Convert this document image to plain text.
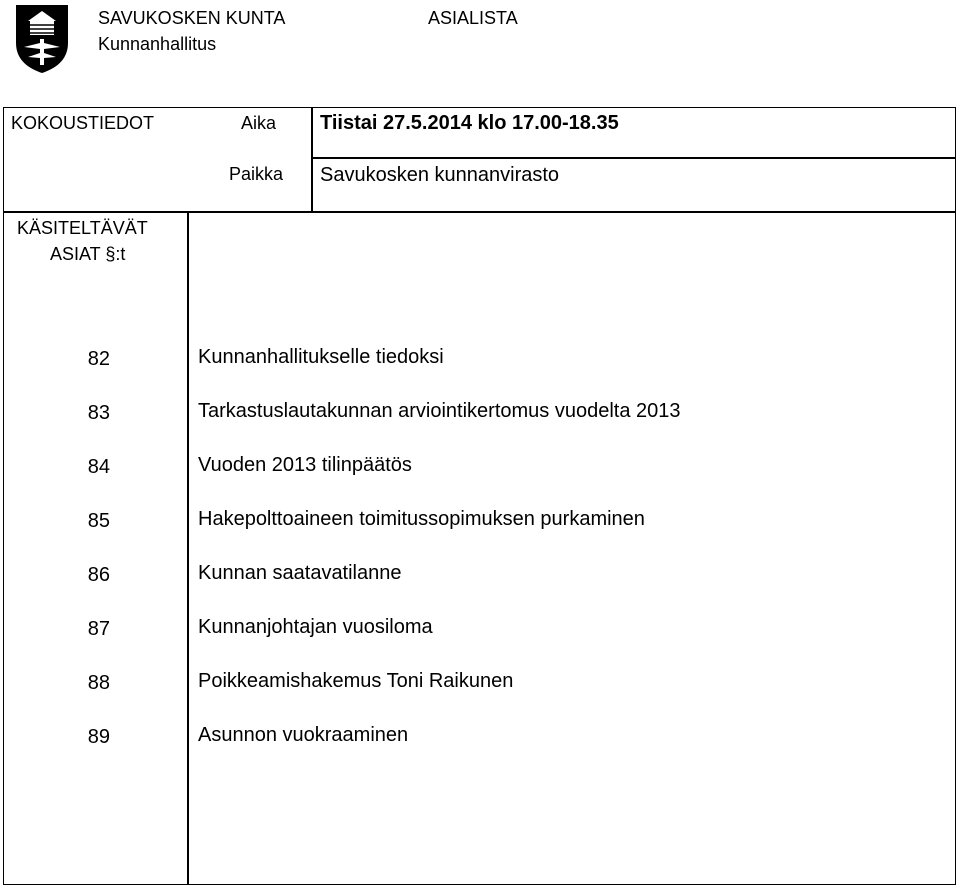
SAVUKOSKEN KUNTA
Kunnanhallitus
ASIALISTA
KOKOUSTIEDOT	Aika Tiistai 27.5.2014 klo 17.00-18.35
Paikka Savukosken kunnanvirasto
KÄSITELTÄVÄT
ASIAT §:t
82	Kunnanhallitukselle tiedoksi
83	Tarkastuslautakunnan arviointikertomus vuodelta 2013
84	Vuoden 2013 tilinpäätös
85	Hakepolttoaineen toimitussopimuksen purkaminen
86	Kunnan saatavatilanne
87	Kunnanjohtajan vuosiloma
88	Poikkeamishakemus Toni Raikunen
89	Asunnon vuokraaminen
